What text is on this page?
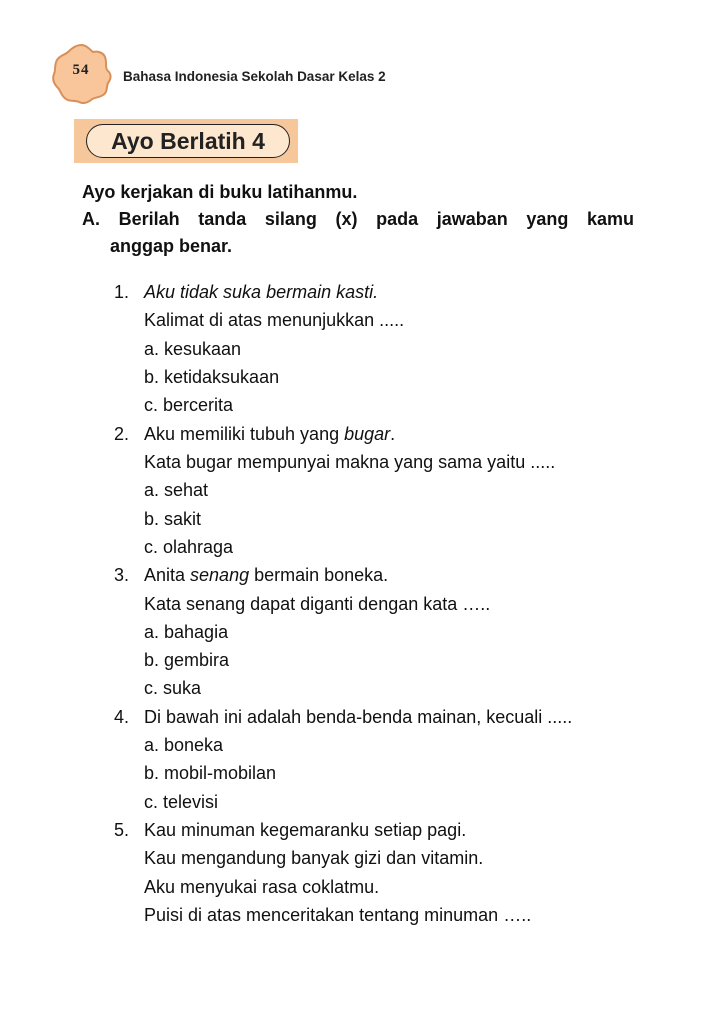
54	Bahasa Indonesia Sekolah Dasar Kelas 2
Ayo Berlatih 4
Ayo kerjakan di buku latihanmu.
A. Berilah tanda silang (x) pada jawaban yang kamu
anggap benar.
1. Aku tidak suka bermain kasti.
Kalimat di atas menunjukkan .....
a. kesukaan
b. ketidaksukaan
c. bercerita
2. Aku memiliki tubuh yang bugar.
Kata bugar mempunyai makna yang sama yaitu .....
a. sehat
b. sakit
c. olahraga
3. Anita senang bermain boneka.
Kata senang dapat diganti dengan kata …..
a. bahagia
b. gembira
c. suka
4. Di bawah ini adalah benda-benda mainan, kecuali .....
a. boneka
b. mobil-mobilan
c. televisi
5. Kau minuman kegemaranku setiap pagi.
Kau mengandung banyak gizi dan vitamin.
Aku menyukai rasa coklatmu.
Puisi di atas menceritakan tentang minuman …..
